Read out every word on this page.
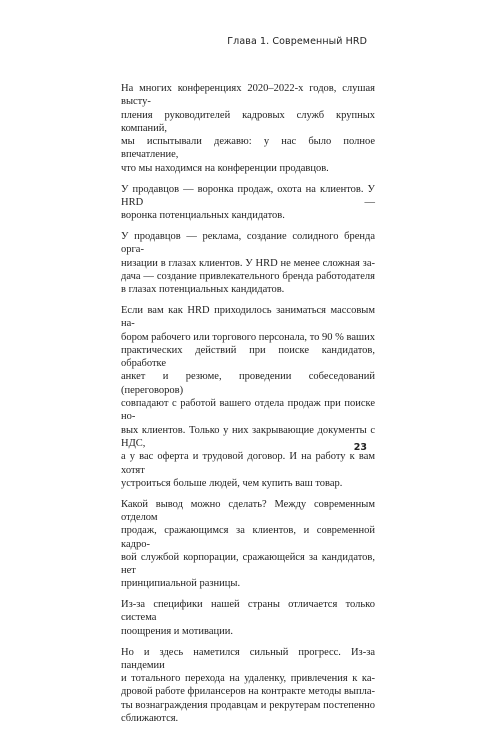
Глава 1. Современный HRD
На многих конференциях 2020–2022-х годов, слушая высту-
пления руководителей кадровых служб крупных компаний,
мы испытывали дежавю: у нас было полное впечатление,
что мы находимся на конференции продавцов.
У продавцов — воронка продаж, охота на клиентов. У HRD —
воронка потенциальных кандидатов.
У продавцов — реклама, создание солидного бренда орга-
низации в глазах клиентов. У HRD не менее сложная за-
дача — создание привлекательного бренда работодателя
в глазах потенциальных кандидатов.
Если вам как HRD приходилось заниматься массовым на-
бором рабочего или торгового персонала, то 90 % ваших
практических действий при поиске кандидатов, обработке
анкет и резюме, проведении собеседований (переговоров)
совпадают с работой вашего отдела продаж при поиске но-
вых клиентов. Только у них закрывающие документы с НДС,
а у вас оферта и трудовой договор. И на работу к вам хотят
устроиться больше людей, чем купить ваш товар.
Какой вывод можно сделать? Между современным отделом
продаж, сражающимся за клиентов, и современной кадро-
вой службой корпорации, сражающейся за кандидатов, нет
принципиальной разницы.
Из-за специфики нашей страны отличается только система
поощрения и мотивации.
Но и здесь наметился сильный прогресс. Из-за пандемии
и тотального перехода на удаленку, привлечения к ка-
дровой работе фрилансеров на контракте методы выпла-
ты вознаграждения продавцам и рекрутерам постепенно
сближаются.
23
